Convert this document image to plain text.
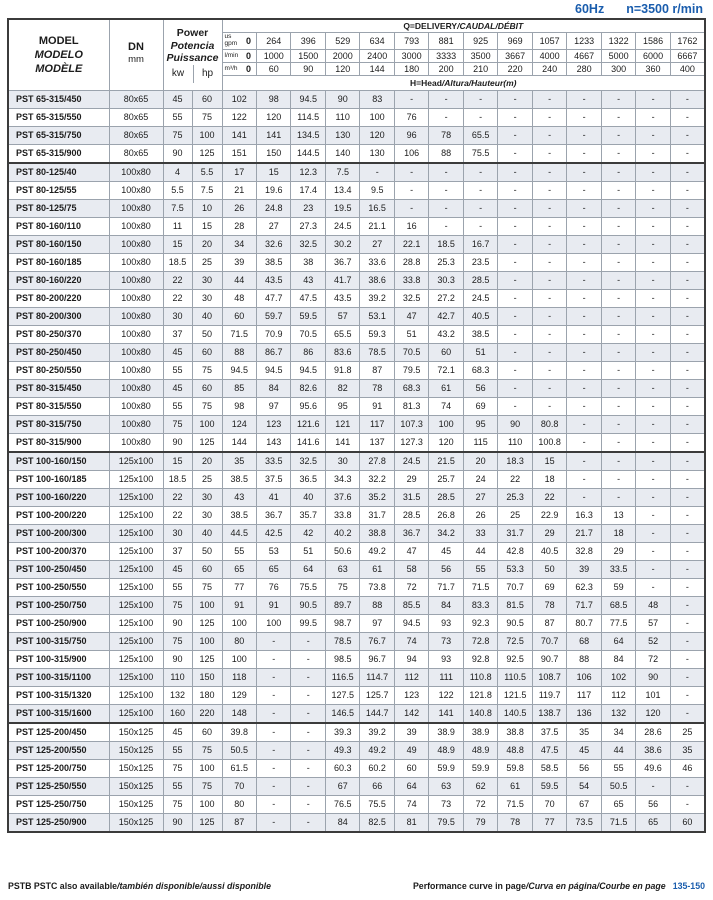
60Hz n=3500 r/min
MODEL
MODELO
MODÈLE

DN
mm

Power
Potencia
Puissance
kw	hp
	Q=DELIVERY/CAUDAL/DÉBIT

				us gpm 0	264	396	529	634	793	881	925	969	1057	1233	1322	1586	1762

				l/min 0	1000	1500	2000	2400	3000	3333	3500	3667	4000	4667	5000	6000	6667

				m³/h 0	60	90	120	144	180	200	210	220	240	280	300	360	400
				H=Head/Altura/Hauteur(m)													
PST 65-315/450	80x65	45	60	102	98	94.5	90	83	-	-	-	-	-	-	-	-	-
PST 65-315/550	80x65	55	75	122	120	114.5	110	100	76	-	-	-	-	-	-	-	-
PST 65-315/750	80x65	75	100	141	141	134.5	130	120	96	78	65.5	-	-	-	-	-	-
PST 65-315/900	80x65	90	125	151	150	144.5	140	130	106	88	75.5	-	-	-	-	-	-
PST 80-125/40	100x80	4	5.5	17	15	12.3	7.5	-	-	-	-	-	-	-	-	-	-
PST 80-125/55	100x80	5.5	7.5	21	19.6	17.4	13.4	9.5	-	-	-	-	-	-	-	-	-
PST 80-125/75	100x80	7.5	10	26	24.8	23	19.5	16.5	-	-	-	-	-	-	-	-	-
PST 80-160/110	100x80	11	15	28	27	27.3	24.5	21.1	16	-	-	-	-	-	-	-	-
PST 80-160/150	100x80	15	20	34	32.6	32.5	30.2	27	22.1	18.5	16.7	-	-	-	-	-	-
PST 80-160/185	100x80	18.5	25	39	38.5	38	36.7	33.6	28.8	25.3	23.5	-	-	-	-	-	-
PST 80-160/220	100x80	22	30	44	43.5	43	41.7	38.6	33.8	30.3	28.5	-	-	-	-	-	-
PST 80-200/220	100x80	22	30	48	47.7	47.5	43.5	39.2	32.5	27.2	24.5	-	-	-	-	-	-
PST 80-200/300	100x80	30	40	60	59.7	59.5	57	53.1	47	42.7	40.5	-	-	-	-	-	-
PST 80-250/370	100x80	37	50	71.5	70.9	70.5	65.5	59.3	51	43.2	38.5	-	-	-	-	-	-
PST 80-250/450	100x80	45	60	88	86.7	86	83.6	78.5	70.5	60	51	-	-	-	-	-	-
PST 80-250/550	100x80	55	75	94.5	94.5	94.5	91.8	87	79.5	72.1	68.3	-	-	-	-	-	-
PST 80-315/450	100x80	45	60	85	84	82.6	82	78	68.3	61	56	-	-	-	-	-	-
PST 80-315/550	100x80	55	75	98	97	95.6	95	91	81.3	74	69	-	-	-	-	-	-
PST 80-315/750	100x80	75	100	124	123	121.6	121	117	107.3	100	95	90	80.8	-	-	-	-
PST 80-315/900	100x80	90	125	144	143	141.6	141	137	127.3	120	115	110	100.8	-	-	-	-
PST 100-160/150	125x100	15	20	35	33.5	32.5	30	27.8	24.5	21.5	20	18.3	15	-	-	-	-
PST 100-160/185	125x100	18.5	25	38.5	37.5	36.5	34.3	32.2	29	25.7	24	22	18	-	-	-	-
PST 100-160/220	125x100	22	30	43	41	40	37.6	35.2	31.5	28.5	27	25.3	22	-	-	-	-
PST 100-200/220	125x100	22	30	38.5	36.7	35.7	33.8	31.7	28.5	26.8	26	25	22.9	16.3	13	-	-
PST 100-200/300	125x100	30	40	44.5	42.5	42	40.2	38.8	36.7	34.2	33	31.7	29	21.7	18	-	-
PST 100-200/370	125x100	37	50	55	53	51	50.6	49.2	47	45	44	42.8	40.5	32.8	29	-	-
PST 100-250/450	125x100	45	60	65	65	64	63	61	58	56	55	53.3	50	39	33.5	-	-
PST 100-250/550	125x100	55	75	77	76	75.5	75	73.8	72	71.7	71.5	70.7	69	62.3	59	-	-
PST 100-250/750	125x100	75	100	91	91	90.5	89.7	88	85.5	84	83.3	81.5	78	71.7	68.5	48	-
PST 100-250/900	125x100	90	125	100	100	99.5	98.7	97	94.5	93	92.3	90.5	87	80.7	77.5	57	-
PST 100-315/750	125x100	75	100	80	-	-	78.5	76.7	74	73	72.8	72.5	70.7	68	64	52	-
PST 100-315/900	125x100	90	125	100	-	-	98.5	96.7	94	93	92.8	92.5	90.7	88	84	72	-
PST 100-315/1100	125x100	110	150	118	-	-	116.5	114.7	112	111	110.8	110.5	108.7	106	102	90	-
PST 100-315/1320	125x100	132	180	129	-	-	127.5	125.7	123	122	121.8	121.5	119.7	117	112	101	-
PST 100-315/1600	125x100	160	220	148	-	-	146.5	144.7	142	141	140.8	140.5	138.7	136	132	120	-
PST 125-200/450	150x125	45	60	39.8	-	-	39.3	39.2	39	38.9	38.9	38.8	37.5	35	34	28.6	25
PST 125-200/550	150x125	55	75	50.5	-	-	49.3	49.2	49	48.9	48.9	48.8	47.5	45	44	38.6	35
PST 125-200/750	150x125	75	100	61.5	-	-	60.3	60.2	60	59.9	59.9	59.8	58.5	56	55	49.6	46
PST 125-250/550	150x125	55	75	70	-	-	67	66	64	63	62	61	59.5	54	50.5	-	-
PST 125-250/750	150x125	75	100	80	-	-	76.5	75.5	74	73	72	71.5	70	67	65	56	-
PST 125-250/900	150x125	90	125	87	-	-	84	82.5	81	79.5	79	78	77	73.5	71.5	65	60
PSTB PSTC also available/también disponible/aussi disponible	Performance curve in page/Curva en página/Courbe en page 135-150
